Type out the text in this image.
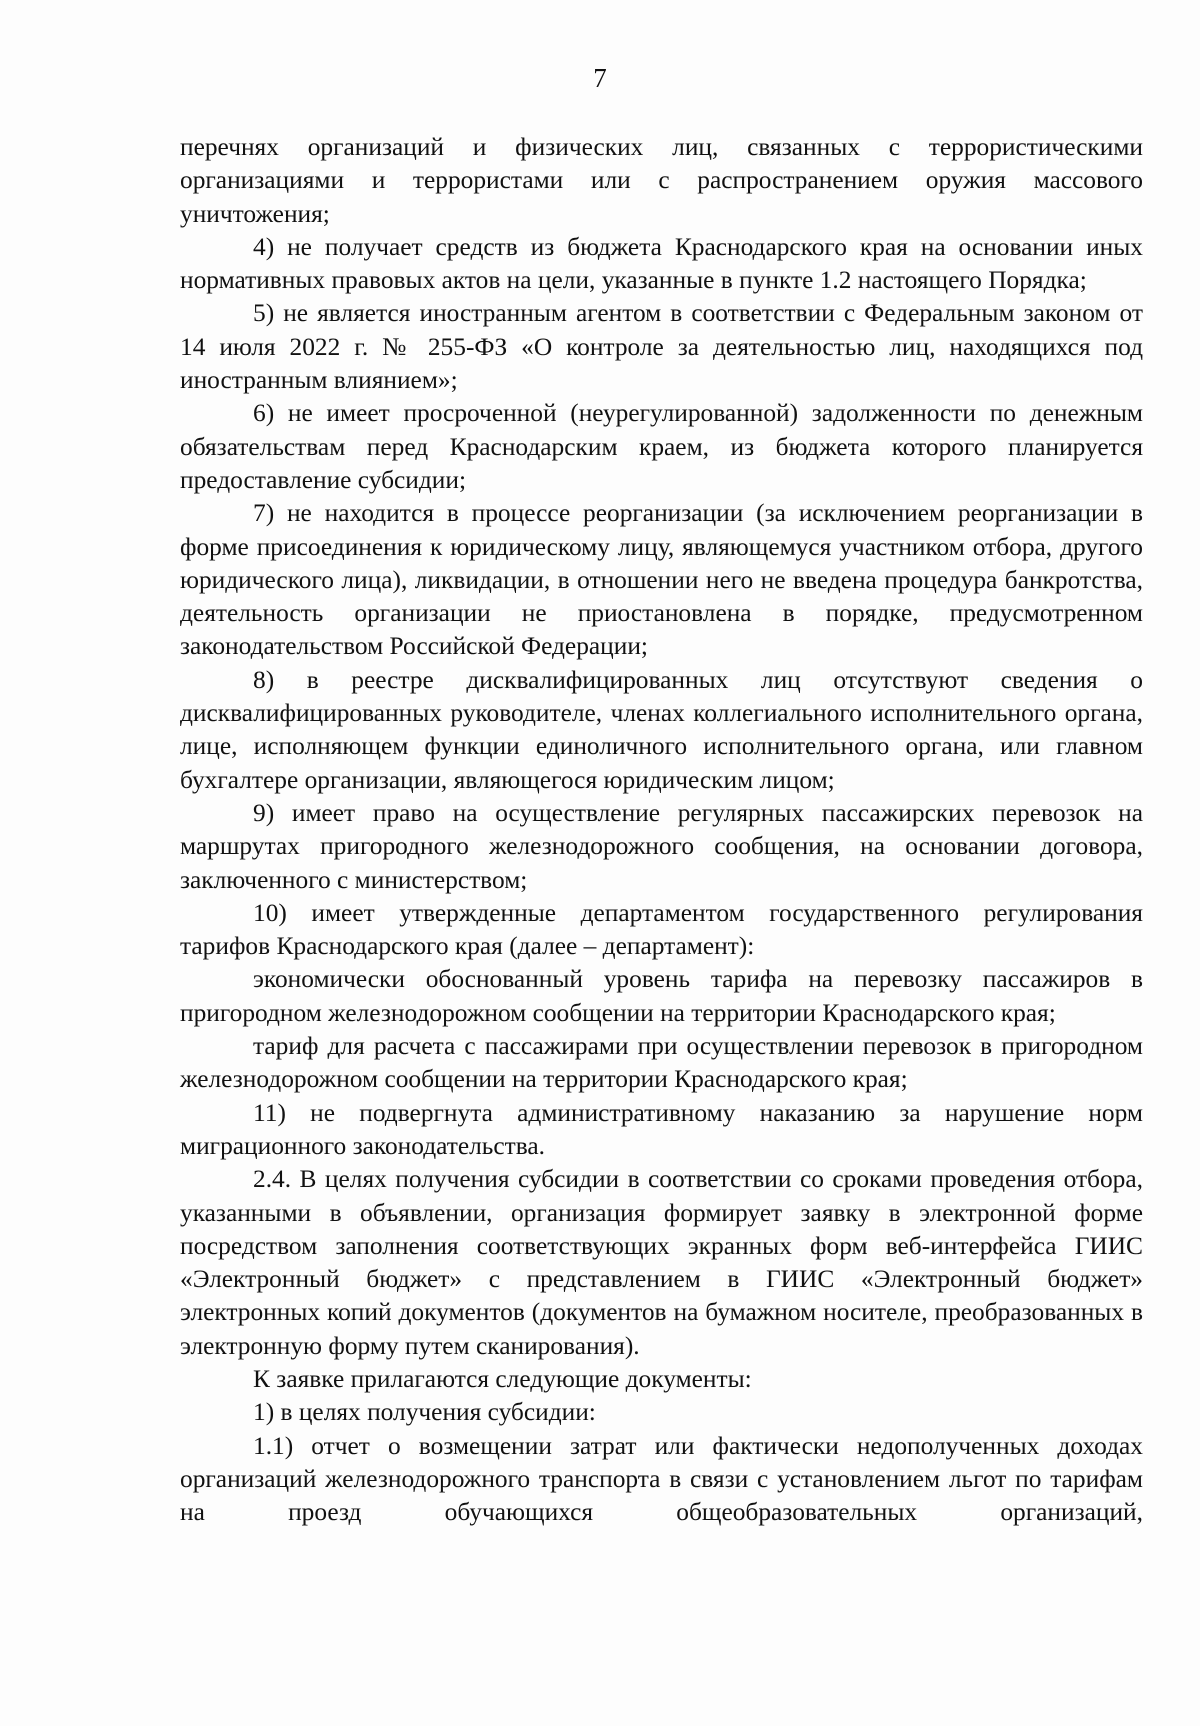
7

перечнях организаций и физических лиц, связанных с террористическими организациями и террористами или с распространением оружия массового уничтожения;

4) не получает средств из бюджета Краснодарского края на основании иных нормативных правовых актов на цели, указанные в пункте 1.2 настоящего Порядка;

5) не является иностранным агентом в соответствии с Федеральным законом от 14 июля 2022 г. № 255-ФЗ «О контроле за деятельностью лиц, находящихся под иностранным влиянием»;

6) не имеет просроченной (неурегулированной) задолженности по денежным обязательствам перед Краснодарским краем, из бюджета которого планируется предоставление субсидии;

7) не находится в процессе реорганизации (за исключением реорганизации в форме присоединения к юридическому лицу, являющемуся участником отбора, другого юридического лица), ликвидации, в отношении него не введена процедура банкротства, деятельность организации не приостановлена в порядке, предусмотренном законодательством Российской Федерации;

8) в реестре дисквалифицированных лиц отсутствуют сведения о дисквалифицированных руководителе, членах коллегиального исполнительного органа, лице, исполняющем функции единоличного исполнительного органа, или главном бухгалтере организации, являющегося юридическим лицом;

9) имеет право на осуществление регулярных пассажирских перевозок на маршрутах пригородного железнодорожного сообщения, на основании договора, заключенного с министерством;

10) имеет утвержденные департаментом государственного регулирования тарифов Краснодарского края (далее – департамент):

экономически обоснованный уровень тарифа на перевозку пассажиров в пригородном железнодорожном сообщении на территории Краснодарского края;

тариф для расчета с пассажирами при осуществлении перевозок в пригородном железнодорожном сообщении на территории Краснодарского края;

11) не подвергнута административному наказанию за нарушение норм миграционного законодательства.

2.4. В целях получения субсидии в соответствии со сроками проведения отбора, указанными в объявлении, организация формирует заявку в электронной форме посредством заполнения соответствующих экранных форм веб-интерфейса ГИИС «Электронный бюджет» с представлением в ГИИС «Электронный бюджет» электронных копий документов (документов на бумажном носителе, преобразованных в электронную форму путем сканирования).

К заявке прилагаются следующие документы:

1) в целях получения субсидии:

1.1) отчет о возмещении затрат или фактически недополученных доходах организаций железнодорожного транспорта в связи с установлением льгот по тарифам на проезд обучающихся общеобразовательных организаций,
